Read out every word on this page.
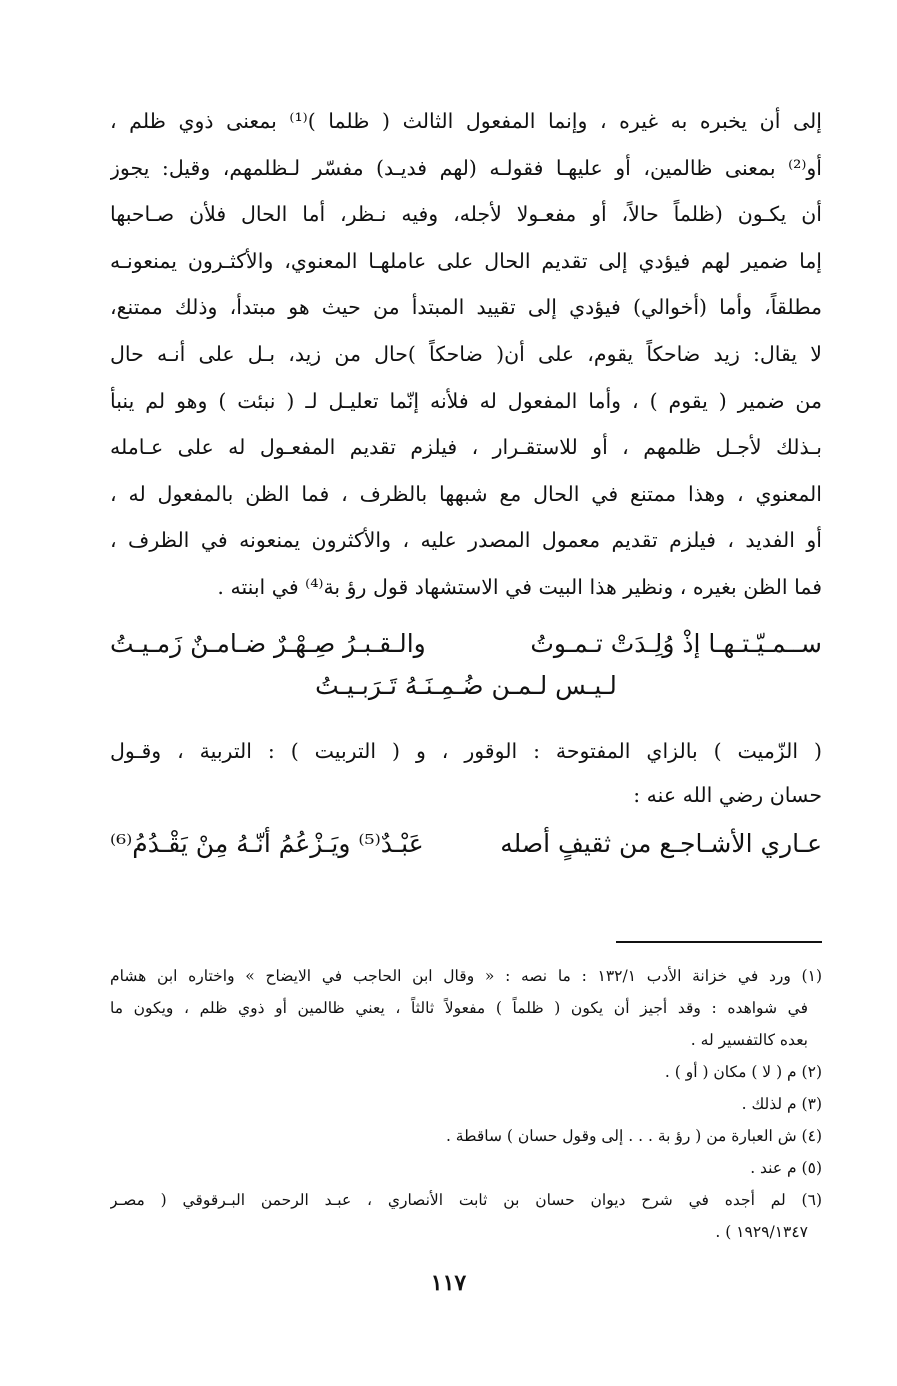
إلى أن يخبره به غيره ، وإنما المفعول الثالث ( ظلما )⁽¹⁾ بمعنى ذوي ظلم ،
أو⁽²⁾ بمعنى ظالمين، أو عليهـا فقولـه (لهم فديـد) مفسّر لـظلمهم، وقيل: يجوز
أن يكـون (ظلماً حالاً، أو مفعـولا لأجله، وفيه نـظر، أما الحال فلأن صـاحبها
إما ضمير لهم فيؤدي إلى تقديم الحال على عاملهـا المعنوي، والأكثـرون يمنعونـه
مطلقاً، وأما (أخوالي) فيؤدي إلى تقييد المبتدأ من حيث هو مبتدأ، وذلك ممتنع،
لا يقال: زيد ضاحكاً يقوم، على أن( ضاحكاً )حال من زيد، بـل على أنـه حال
من ضمير ( يقوم ) ، وأما المفعول له فلأنه إنّما تعليـل لـ ( نبئت ) وهو لم ينبأ
بـذلك لأجـل ظلمهم ، أو للاستقـرار ، فيلزم تقديم المفعـول له على عـامله
المعنوي ، وهذا ممتنع في الحال مع شبهها بالظرف ، فما الظن بالمفعول له ،
أو الفديد ، فيلزم تقديم معمول المصدر عليه ، والأكثرون يمنعونه في الظرف ،
فما الظن بغيره ، ونظير هذا البيت في الاستشهاد قول رؤ بة⁽⁴⁾ في ابنته .
ســمـيّـتـهـا إذْ وُلِـدَتْ تـمـوتُ
والـقـبـرُ صِـهْـرٌ ضـامـنٌ زَمـيـتُ
لـيـس لـمـن ضُـمِـنَـهُ تَـرَبـيـتُ
( الزّميت ) بالزاي المفتوحة : الوقور ، و ( التربيت ) : التربية ، وقـول
حسان رضي الله عنه :
عـاري الأشـاجـع من ثقيفٍ أصله
عَبْـدٌ⁽⁵⁾ ويَـزْعُمُ أنّـهُ مِنْ يَقْـدُمُ⁽⁶⁾
(١) ورد في خزانة الأدب ١٣٢/١ : ما نصه : « وقال ابن الحاجب في الايضاح » واختاره ابن هشام
في شواهده : وقد أجيز أن يكون ( ظلماً ) مفعولاً ثالثاً ، يعني ظالمين أو ذوي ظلم ، ويكون ما
بعده كالتفسير له .
(٢) م ( لا ) مكان ( أو ) .
(٣) م لذلك .
(٤) ش العبارة من ( رؤ بة . . . إلى وقول حسان ) ساقطة .
(٥) م عند .
(٦) لم أجده في شرح ديوان حسان بن ثابت الأنصاري ، عبـد الرحمن البـرقوقي ( مصـر
١٩٢٩/١٣٤٧ ) .
١١٧
